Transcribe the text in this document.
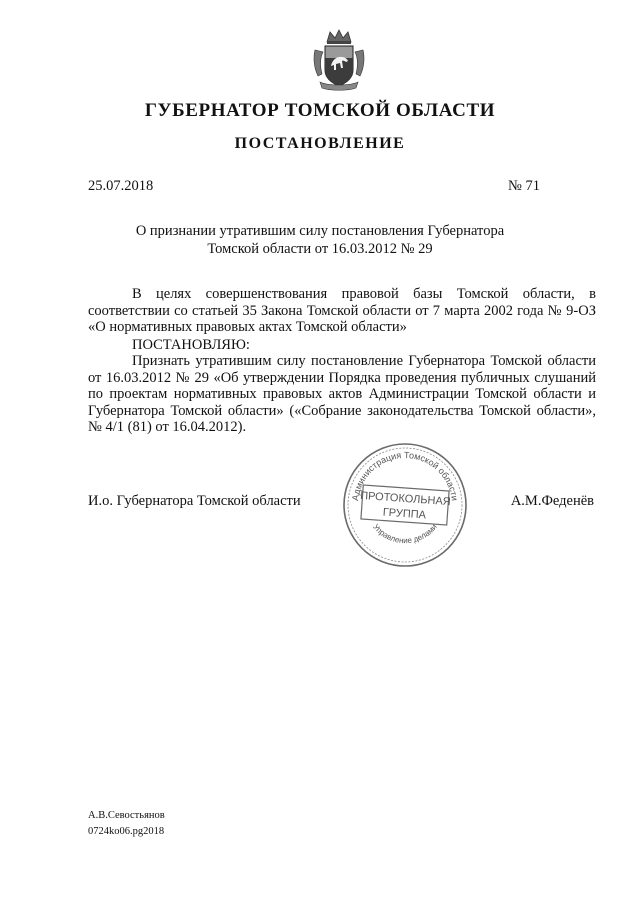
ГУБЕРНАТОР ТОМСКОЙ ОБЛАСТИ
ПОСТАНОВЛЕНИЕ
25.07.2018	№ 71
О признании утратившим силу постановления Губернатора
Томской области от 16.03.2012 № 29
В целях совершенствования правовой базы Томской области, в соответствии со статьей 35 Закона Томской области от 7 марта 2002 года № 9-ОЗ «О нормативных правовых актах Томской области»
ПОСТАНОВЛЯЮ:
Признать утратившим силу постановление Губернатора Томской области от 16.03.2012 № 29 «Об утверждении Порядка проведения публичных слушаний по проектам нормативных правовых актов Администрации Томской области и Губернатора Томской области» («Собрание законодательства Томской области», № 4/1 (81) от 16.04.2012).
И.о. Губернатора Томской области	А.М.Феденёв
Администрация Томской области
Управление делами
ПРОТОКОЛЬНАЯ
ГРУППА
А.В.Севостьянов
0724ko06.pg2018
